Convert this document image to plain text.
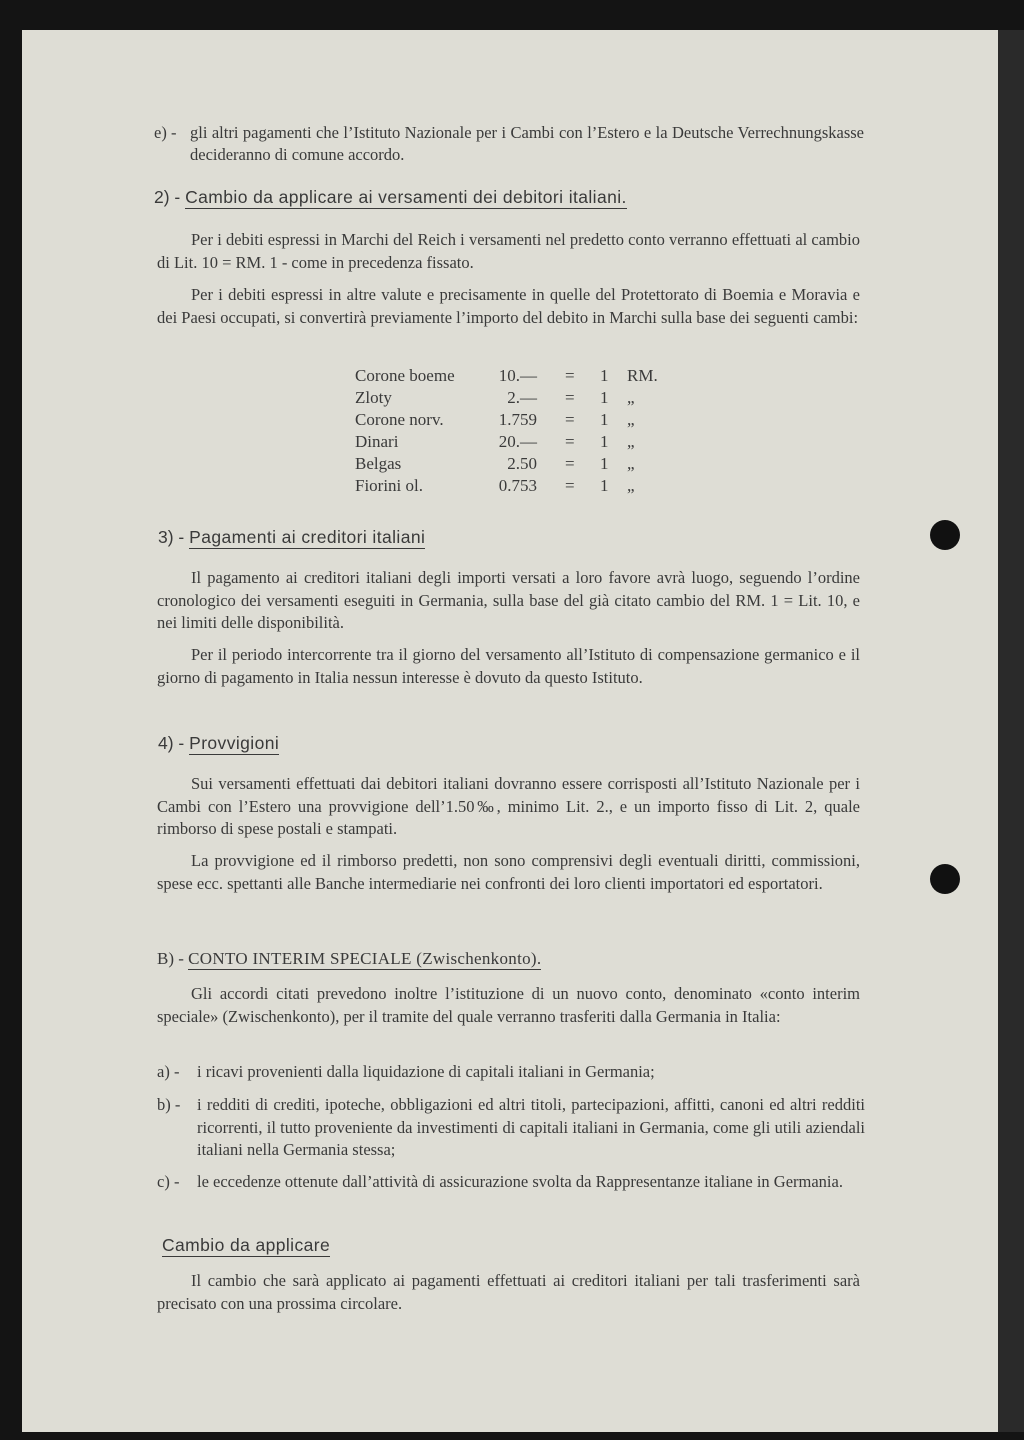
e) - gli altri pagamenti che l’Istituto Nazionale per i Cambi con l’Estero e la Deutsche Verrechnungskasse decideranno di comune accordo.
2) - Cambio da applicare ai versamenti dei debitori italiani.
Per i debiti espressi in Marchi del Reich i versamenti nel predetto conto verranno effettuati al cambio di Lit. 10 = RM. 1 - come in precedenza fissato.
Per i debiti espressi in altre valute e precisamente in quelle del Protettorato di Boemia e Moravia e dei Paesi occupati, si convertirà previamente l’importo del debito in Marchi sulla base dei seguenti cambi:
Corone boeme	10.— = 1 RM.
Zloty	2.— = 1 „
Corone norv.	1.759 = 1 „
Dinari	20.— = 1 „
Belgas	2.50 = 1 „
Fiorini ol.	0.753 = 1 „
3) - Pagamenti ai creditori italiani
Il pagamento ai creditori italiani degli importi versati a loro favore avrà luogo, seguendo l’ordine cronologico dei versamenti eseguiti in Germania, sulla base del già citato cambio del RM. 1 = Lit. 10, e nei limiti delle disponibilità.
Per il periodo intercorrente tra il giorno del versamento all’Istituto di compensazione germanico e il giorno di pagamento in Italia nessun interesse è dovuto da questo Istituto.
4) - Provvigioni
Sui versamenti effettuati dai debitori italiani dovranno essere corrisposti all’Istituto Nazionale per i Cambi con l’Estero una provvigione dell’1.50‰, minimo Lit. 2., e un importo fisso di Lit. 2, quale rimborso di spese postali e stampati.
La provvigione ed il rimborso predetti, non sono comprensivi degli eventuali diritti, commissioni, spese ecc. spettanti alle Banche intermediarie nei confronti dei loro clienti importatori ed esportatori.
B) - CONTO INTERIM SPECIALE (Zwischenkonto).
Gli accordi citati prevedono inoltre l’istituzione di un nuovo conto, denominato «conto interim speciale» (Zwischenkonto), per il tramite del quale verranno trasferiti dalla Germania in Italia:
a) - i ricavi provenienti dalla liquidazione di capitali italiani in Germania;
b) - i redditi di crediti, ipoteche, obbligazioni ed altri titoli, partecipazioni, affitti, canoni ed altri redditi ricorrenti, il tutto proveniente da investimenti di capitali italiani in Germania, come gli utili aziendali italiani nella Germania stessa;
c) - le eccedenze ottenute dall’attività di assicurazione svolta da Rappresentanze italiane in Germania.
Cambio da applicare
Il cambio che sarà applicato ai pagamenti effettuati ai creditori italiani per tali trasferimenti sarà precisato con una prossima circolare.
